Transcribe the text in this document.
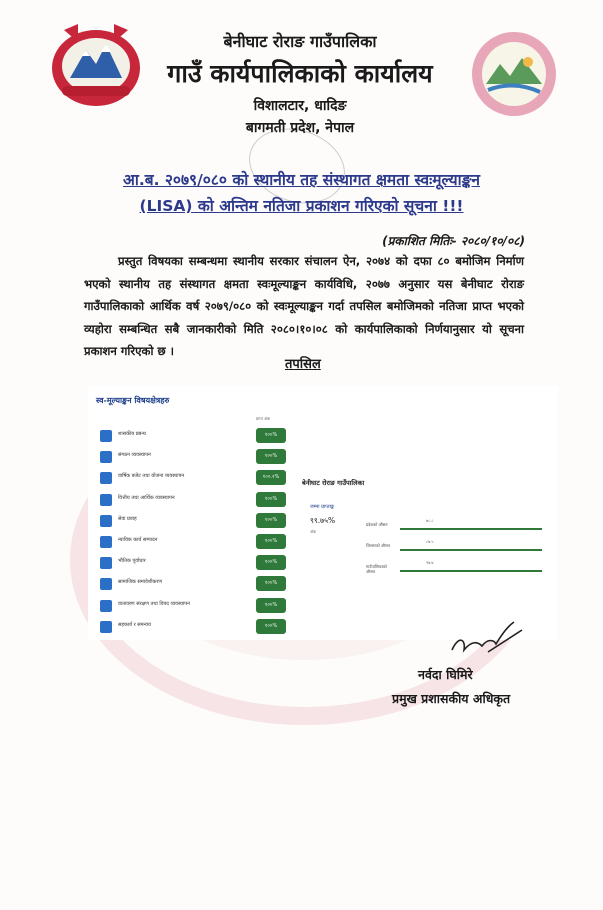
बेनीघाट रोराङ गाउँपालिका
गाउँ कार्यपालिकाको कार्यालय
विशालटार, धादिङ
बागमती प्रदेश, नेपाल
आ.ब. २०७९/०८० को स्थानीय तह संस्थागत क्षमता स्वःमूल्याङ्कन
(LISA) को अन्तिम नतिजा प्रकाशन गरिएको सूचना !!!
(प्रकाशित मितिः- २०८०/१०/०८)
प्रस्तुत विषयका सम्बन्धमा स्थानीय सरकार संचालन ऐन, २०७४ को दफा ८० बमोजिम निर्माण भएको स्थानीय तह संस्थागत क्षमता स्वःमूल्याङ्कन कार्यविधि, २०७७ अनुसार यस बेनीघाट रोराङ गाउँपालिकाको आर्थिक वर्ष २०७९/०८० को स्वःमूल्याङ्कन गर्दा तपसिल बमोजिमको नतिजा प्राप्त भएको व्यहोरा सम्बन्धित सबै जानकारीको मिति २०८०।१०।०८ को कार्यपालिकाको निर्णयानुसार यो सूचना प्रकाशन गरिएको छ ।
तपसिल
स्व-मूल्याङ्कन विषयक्षेत्रहरु
प्राप्त अंक
शासकीय प्रबन्ध	१००%
संगठन व्यवस्थापन	१००%
वार्षिक बजेट तथा योजना व्यवस्थापन	१००.२%
वित्तीय तथा आर्थिक व्यवस्थापन	१००%
सेवा प्रवाह	१००%
न्यायिक कार्य सम्पादन	१००%
भौतिक पूर्वाधार	१००%
सामाजिक समावेशीकरण	१००%
वातावरण संरक्षण तथा विपद व्यवस्थापन	१००%
सहकार्य र समन्वय	१००%
बेनीघाट रोराङ गाउँपालिका
जम्मा प्राप्ताङ्क
९९.७५%
अंक
प्रदेशको औसत
७८.८
जिल्लाको औसत
८७.५
गाउँपालिकाको औसत
९७.७
नर्वदा घिमिरे
प्रमुख प्रशासकीय अधिकृत
